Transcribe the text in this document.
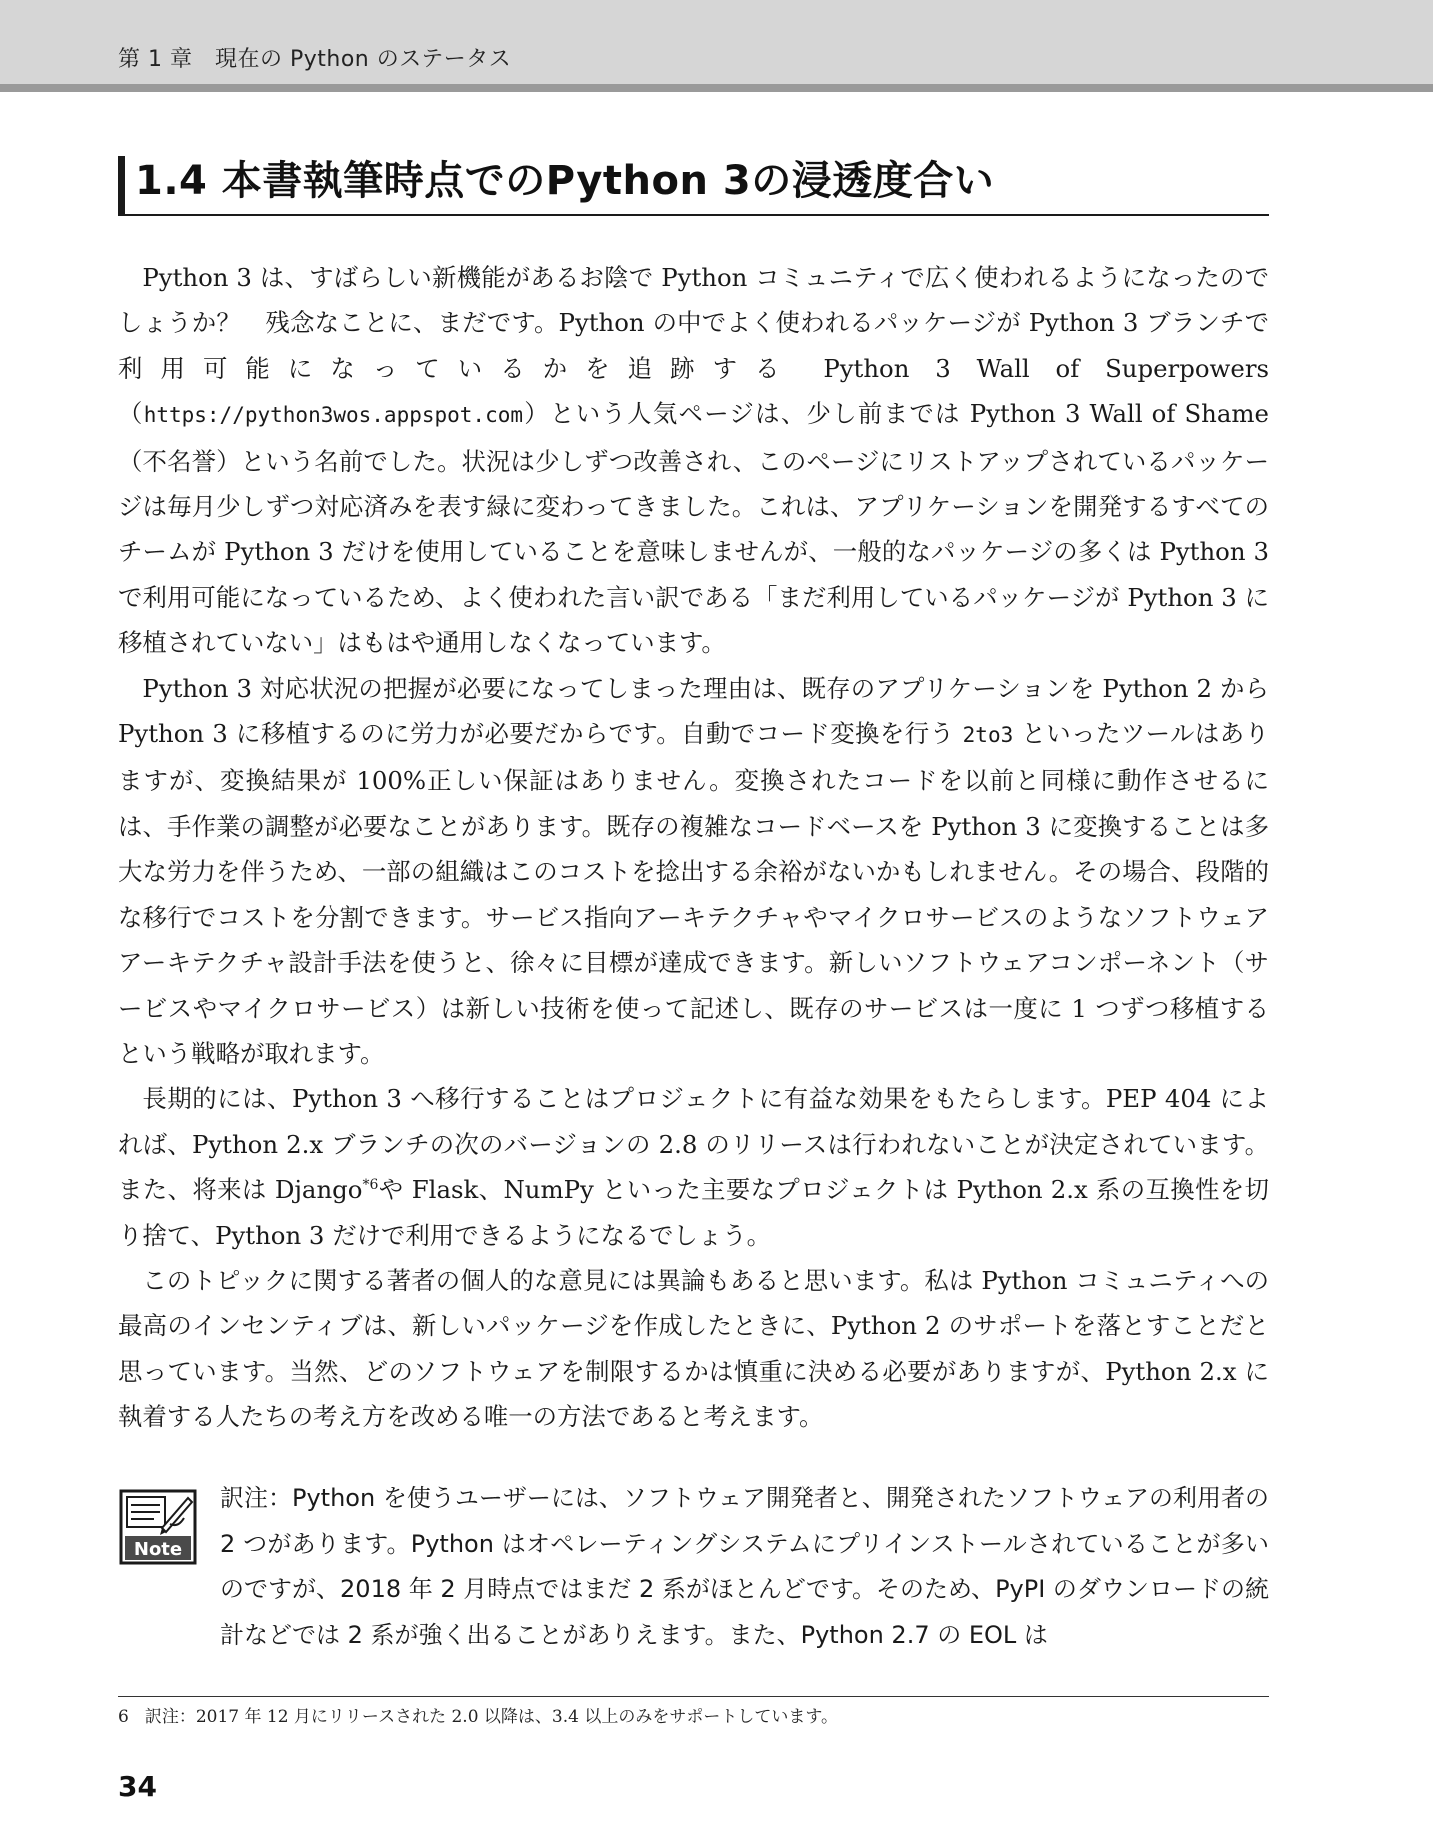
第 1 章　現在の Python のステータス
1.4 本書執筆時点でのPython 3の浸透度合い

Python 3 は、すばらしい新機能があるお陰で Python コミュニティで広く使われるようになったのでしょうか？　残念なことに、まだです。Python の中でよく使われるパッケージが Python 3 ブランチで利用可能になっているかを追跡する Python 3 Wall of Superpowers（https://python3wos.appspot.com）という人気ページは、少し前までは Python 3 Wall of Shame（不名誉）という名前でした。状況は少しずつ改善され、このページにリストアップされているパッケージは毎月少しずつ対応済みを表す緑に変わってきました。これは、アプリケーションを開発するすべてのチームが Python 3 だけを使用していることを意味しませんが、一般的なパッケージの多くは Python 3 で利用可能になっているため、よく使われた言い訳である「まだ利用しているパッケージが Python 3 に移植されていない」はもはや通用しなくなっています。

Python 3 対応状況の把握が必要になってしまった理由は、既存のアプリケーションを Python 2 から Python 3 に移植するのに労力が必要だからです。自動でコード変換を行う 2to3 といったツールはありますが、変換結果が 100%正しい保証はありません。変換されたコードを以前と同様に動作させるには、手作業の調整が必要なことがあります。既存の複雑なコードベースを Python 3 に変換することは多大な労力を伴うため、一部の組織はこのコストを捻出する余裕がないかもしれません。その場合、段階的な移行でコストを分割できます。サービス指向アーキテクチャやマイクロサービスのようなソフトウェアアーキテクチャ設計手法を使うと、徐々に目標が達成できます。新しいソフトウェアコンポーネント（サービスやマイクロサービス）は新しい技術を使って記述し、既存のサービスは一度に 1 つずつ移植するという戦略が取れます。

長期的には、Python 3 へ移行することはプロジェクトに有益な効果をもたらします。PEP 404 によれば、Python 2.x ブランチの次のバージョンの 2.8 のリリースは行われないことが決定されています。また、将来は Django$^{*6}$や Flask、NumPy といった主要なプロジェクトは Python 2.x 系の互換性を切り捨て、Python 3 だけで利用できるようになるでしょう。

このトピックに関する著者の個人的な意見には異論もあると思います。私は Python コミュニティへの最高のインセンティブは、新しいパッケージを作成したときに、Python 2 のサポートを落とすことだと思っています。当然、どのソフトウェアを制限するかは慎重に決める必要がありますが、Python 2.x に執着する人たちの考え方を改める唯一の方法であると考えます。

Note
訳注：Python を使うユーザーには、ソフトウェア開発者と、開発されたソフトウェアの利用者の 2 つがあります。Python はオペレーティングシステムにプリインストールされていることが多いのですが、2018 年 2 月時点ではまだ 2 系がほとんどです。そのため、PyPI のダウンロードの統計などでは 2 系が強く出ることがありえます。また、Python 2.7 の EOL は
6 訳注：2017 年 12 月にリリースされた 2.0 以降は、3.4 以上のみをサポートしています。
34
